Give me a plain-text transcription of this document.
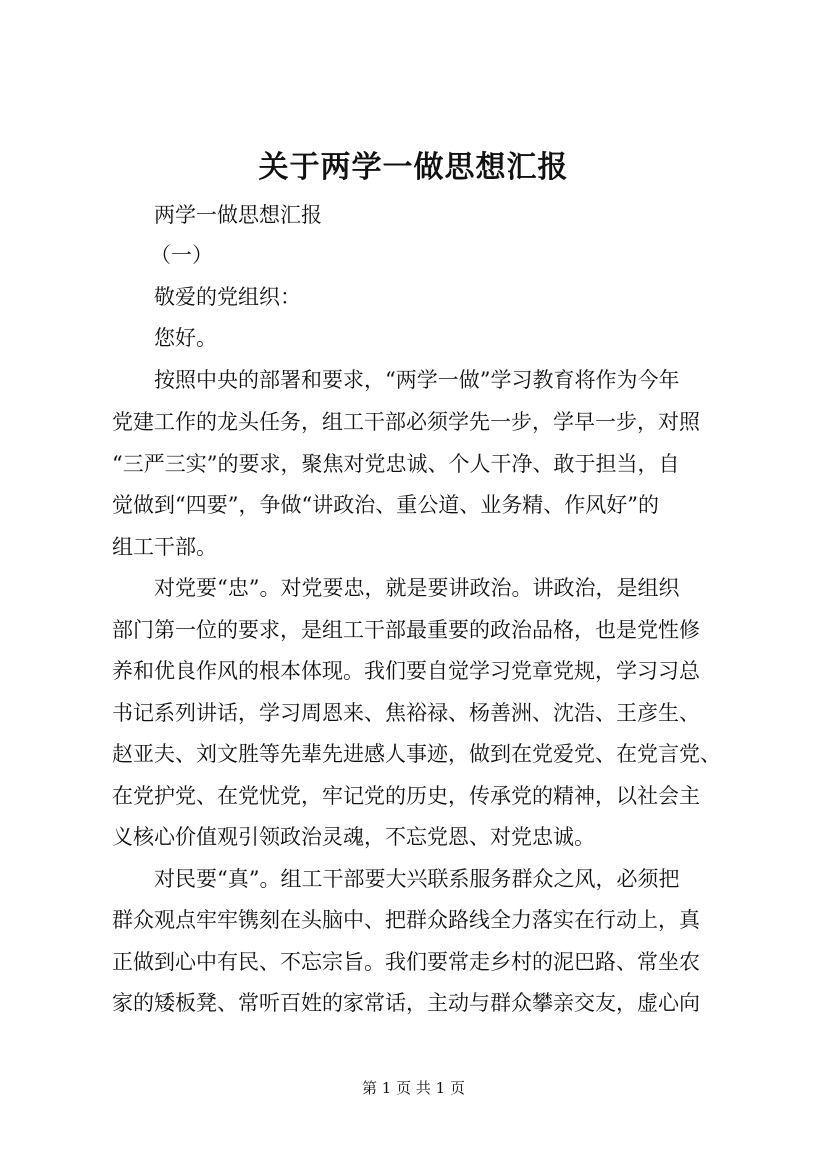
关于两学一做思想汇报

两学一做思想汇报

（一）

敬爱的党组织：

您好。

按照中央的部署和要求，“两学一做”学习教育将作为今年

党建工作的龙头任务，组工干部必须学先一步，学早一步，对照

“三严三实”的要求，聚焦对党忠诚、个人干净、敢于担当，自

觉做到“四要”，争做“讲政治、重公道、业务精、作风好”的

组工干部。

对党要“忠”。对党要忠，就是要讲政治。讲政治，是组织

部门第一位的要求，是组工干部最重要的政治品格，也是党性修

养和优良作风的根本体现。我们要自觉学习党章党规，学习习总

书记系列讲话，学习周恩来、焦裕禄、杨善洲、沈浩、王彦生、

赵亚夫、刘文胜等先辈先进感人事迹，做到在党爱党、在党言党、

在党护党、在党忧党，牢记党的历史，传承党的精神，以社会主

义核心价值观引领政治灵魂，不忘党恩、对党忠诚。

对民要“真”。组工干部要大兴联系服务群众之风，必须把

群众观点牢牢镌刻在头脑中、把群众路线全力落实在行动上，真

正做到心中有民、不忘宗旨。我们要常走乡村的泥巴路、常坐农

家的矮板凳、常听百姓的家常话，主动与群众攀亲交友，虚心向

第 1 页 共 1 页
